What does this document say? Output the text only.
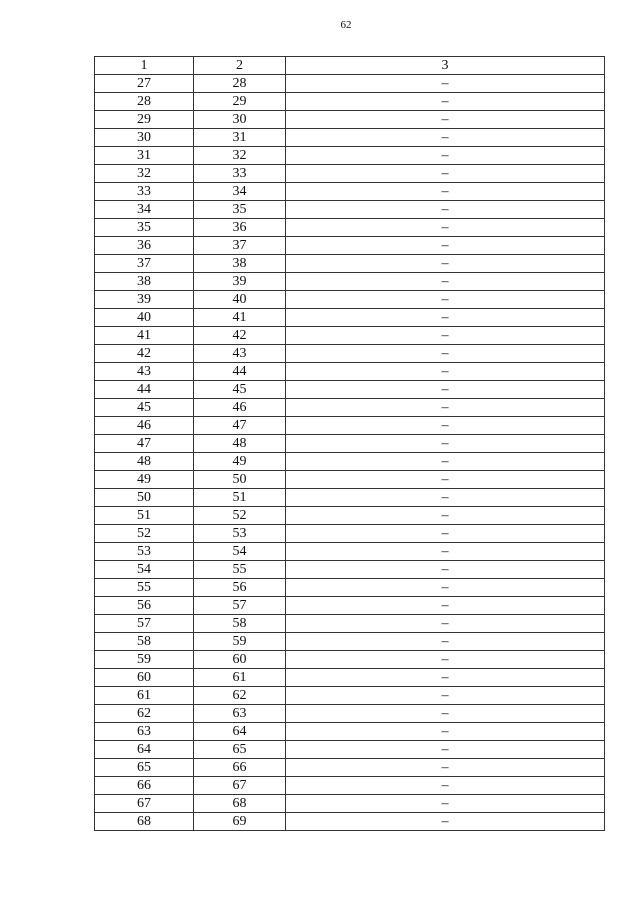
62
1	2	3
27	28	–
28	29	–
29	30	–
30	31	–
31	32	–
32	33	–
33	34	–
34	35	–
35	36	–
36	37	–
37	38	–
38	39	–
39	40	–
40	41	–
41	42	–
42	43	–
43	44	–
44	45	–
45	46	–
46	47	–
47	48	–
48	49	–
49	50	–
50	51	–
51	52	–
52	53	–
53	54	–
54	55	–
55	56	–
56	57	–
57	58	–
58	59	–
59	60	–
60	61	–
61	62	–
62	63	–
63	64	–
64	65	–
65	66	–
66	67	–
67	68	–
68	69	–
